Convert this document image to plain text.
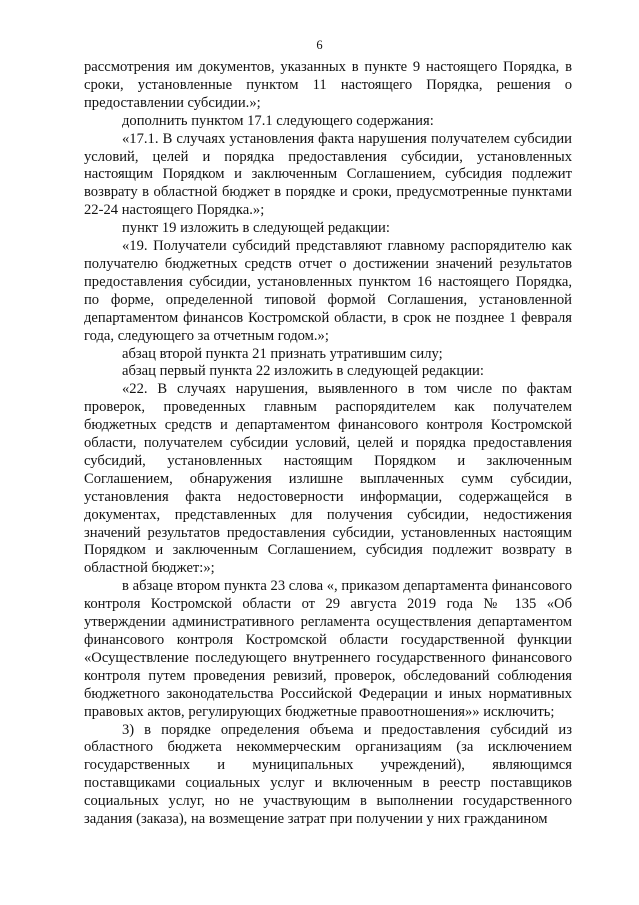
6

рассмотрения им документов, указанных в пункте 9 настоящего Порядка, в сроки, установленные пунктом 11 настоящего Порядка, решения о предоставлении субсидии.»;

дополнить пунктом 17.1 следующего содержания:

«17.1. В случаях установления факта нарушения получателем субсидии условий, целей и порядка предоставления субсидии, установленных настоящим Порядком и заключенным Соглашением, субсидия подлежит возврату в областной бюджет в порядке и сроки, предусмотренные пунктами 22-24 настоящего Порядка.»;

пункт 19 изложить в следующей редакции:

«19. Получатели субсидий представляют главному распорядителю как получателю бюджетных средств отчет о достижении значений результатов предоставления субсидии, установленных пунктом 16 настоящего Порядка, по форме, определенной типовой формой Соглашения, установленной департаментом финансов Костромской области, в срок не позднее 1 февраля года, следующего за отчетным годом.»;

абзац второй пункта 21 признать утратившим силу;

абзац первый пункта 22 изложить в следующей редакции:

«22. В случаях нарушения, выявленного в том числе по фактам проверок, проведенных главным распорядителем как получателем бюджетных средств и департаментом финансового контроля Костромской области, получателем субсидии условий, целей и порядка предоставления субсидий, установленных настоящим Порядком и заключенным Соглашением, обнаружения излишне выплаченных сумм субсидии, установления факта недостоверности информации, содержащейся в документах, представленных для получения субсидии, недостижения значений результатов предоставления субсидии, установленных настоящим Порядком и заключенным Соглашением, субсидия подлежит возврату в областной бюджет:»;

в абзаце втором пункта 23 слова «, приказом департамента финансового контроля Костромской области от 29 августа 2019 года № 135 «Об утверждении административного регламента осуществления департаментом финансового контроля Костромской области государственной функции «Осуществление последующего внутреннего государственного финансового контроля путем проведения ревизий, проверок, обследований соблюдения бюджетного законодательства Российской Федерации и иных нормативных правовых актов, регулирующих бюджетные правоотношения»» исключить;

3) в порядке определения объема и предоставления субсидий из областного бюджета некоммерческим организациям (за исключением государственных и муниципальных учреждений), являющимся поставщиками социальных услуг и включенным в реестр поставщиков социальных услуг, но не участвующим в выполнении государственного задания (заказа), на возмещение затрат при получении у них гражданином
